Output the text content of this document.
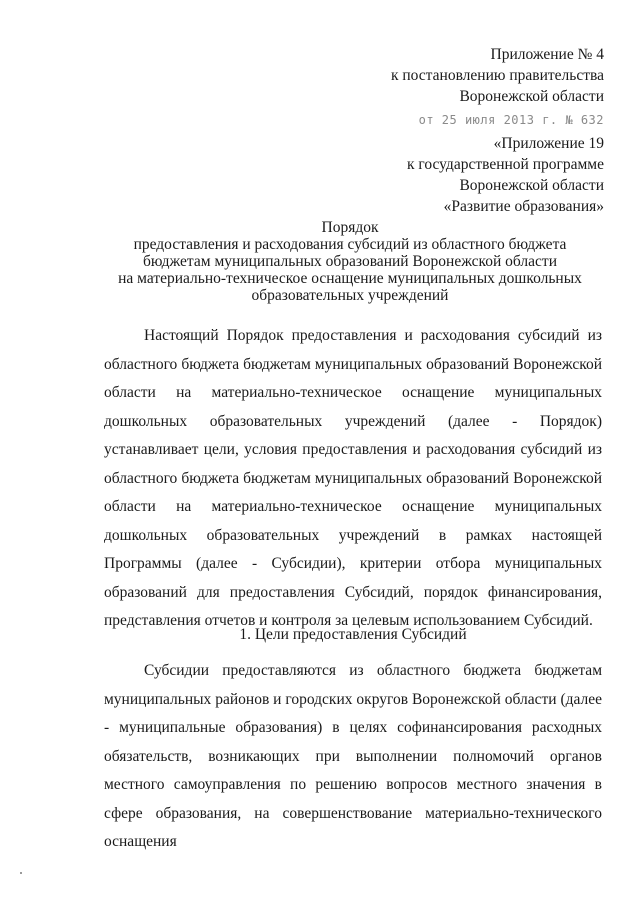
Приложение № 4
к постановлению правительства
Воронежской области
от 25 июля 2013 г. № 632
«Приложение 19
к государственной программе
Воронежской области
«Развитие образования»
Порядок
предоставления и расходования субсидий из областного бюджета
бюджетам муниципальных образований Воронежской области
на материально-техническое оснащение муниципальных дошкольных
образовательных учреждений

Настоящий Порядок предоставления и расходования субсидий из областного бюджета бюджетам муниципальных образований Воронежской области на материально-техническое оснащение муниципальных дошкольных образовательных учреждений (далее - Порядок) устанавливает цели, условия предоставления и расходования субсидий из областного бюджета бюджетам муниципальных образований Воронежской области на материально-техническое оснащение муниципальных дошкольных образовательных учреждений в рамках настоящей Программы (далее - Субсидии), критерии отбора муниципальных образований для предоставления Субсидий, порядок финансирования, представления отчетов и контроля за целевым использованием Субсидий.

1. Цели предоставления Субсидий

Субсидии предоставляются из областного бюджета бюджетам муниципальных районов и городских округов Воронежской области (далее - муниципальные образования) в целях софинансирования расходных обязательств, возникающих при выполнении полномочий органов местного самоуправления по решению вопросов местного значения в сфере образования, на совершенствование материально-технического оснащения
